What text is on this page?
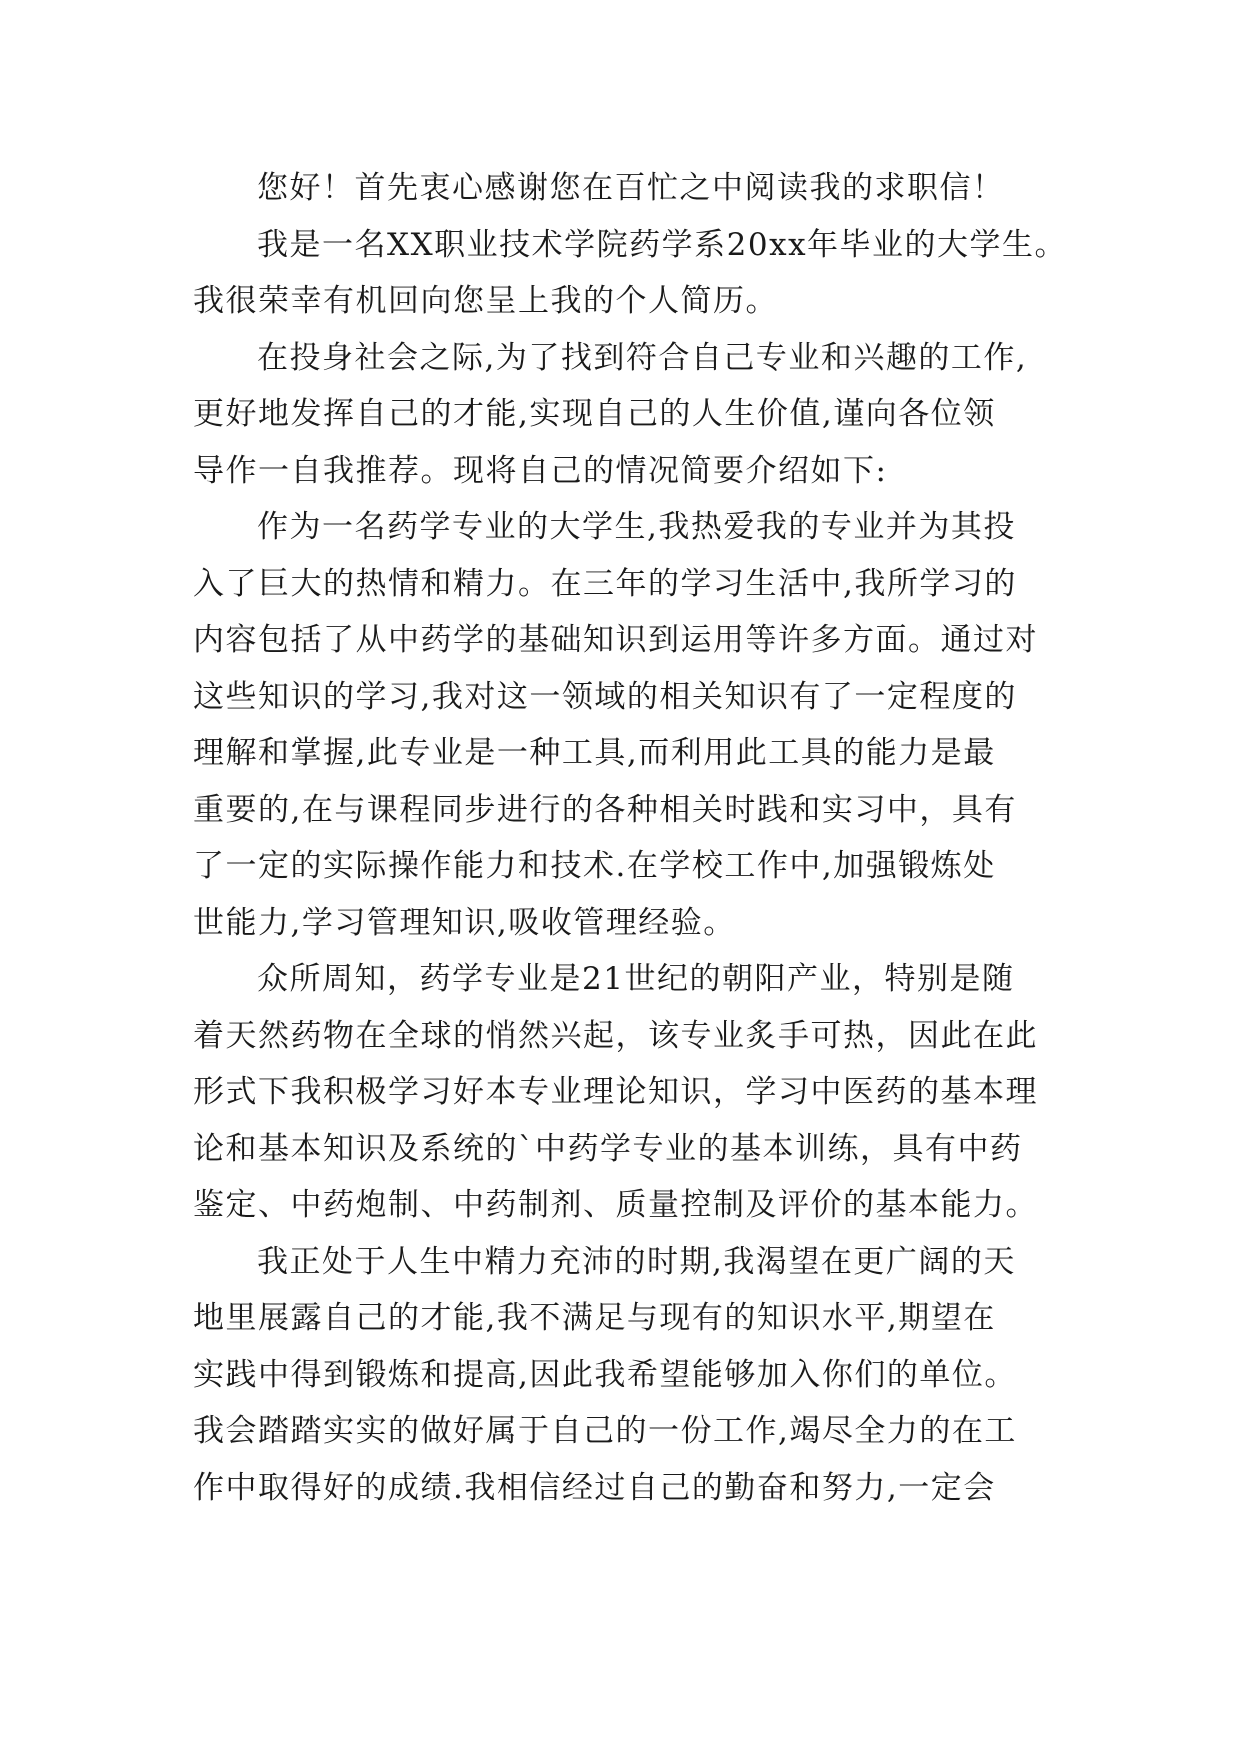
您好！首先衷心感谢您在百忙之中阅读我的求职信！
我是一名XX职业技术学院药学系20xx年毕业的大学生。
我很荣幸有机回向您呈上我的个人简历。
在投身社会之际,为了找到符合自己专业和兴趣的工作,
更好地发挥自己的才能,实现自己的人生价值,谨向各位领
导作一自我推荐。现将自己的情况简要介绍如下:
作为一名药学专业的大学生,我热爱我的专业并为其投
入了巨大的热情和精力。在三年的学习生活中,我所学习的
内容包括了从中药学的基础知识到运用等许多方面。通过对
这些知识的学习,我对这一领域的相关知识有了一定程度的
理解和掌握,此专业是一种工具,而利用此工具的能力是最
重要的,在与课程同步进行的各种相关时践和实习中，具有
了一定的实际操作能力和技术.在学校工作中,加强锻炼处
世能力,学习管理知识,吸收管理经验。
众所周知，药学专业是21世纪的朝阳产业，特别是随
着天然药物在全球的悄然兴起，该专业炙手可热，因此在此
形式下我积极学习好本专业理论知识，学习中医药的基本理
论和基本知识及系统的`中药学专业的基本训练，具有中药
鉴定、中药炮制、中药制剂、质量控制及评价的基本能力。
我正处于人生中精力充沛的时期,我渴望在更广阔的天
地里展露自己的才能,我不满足与现有的知识水平,期望在
实践中得到锻炼和提高,因此我希望能够加入你们的单位。
我会踏踏实实的做好属于自己的一份工作,竭尽全力的在工
作中取得好的成绩.我相信经过自己的勤奋和努力,一定会
